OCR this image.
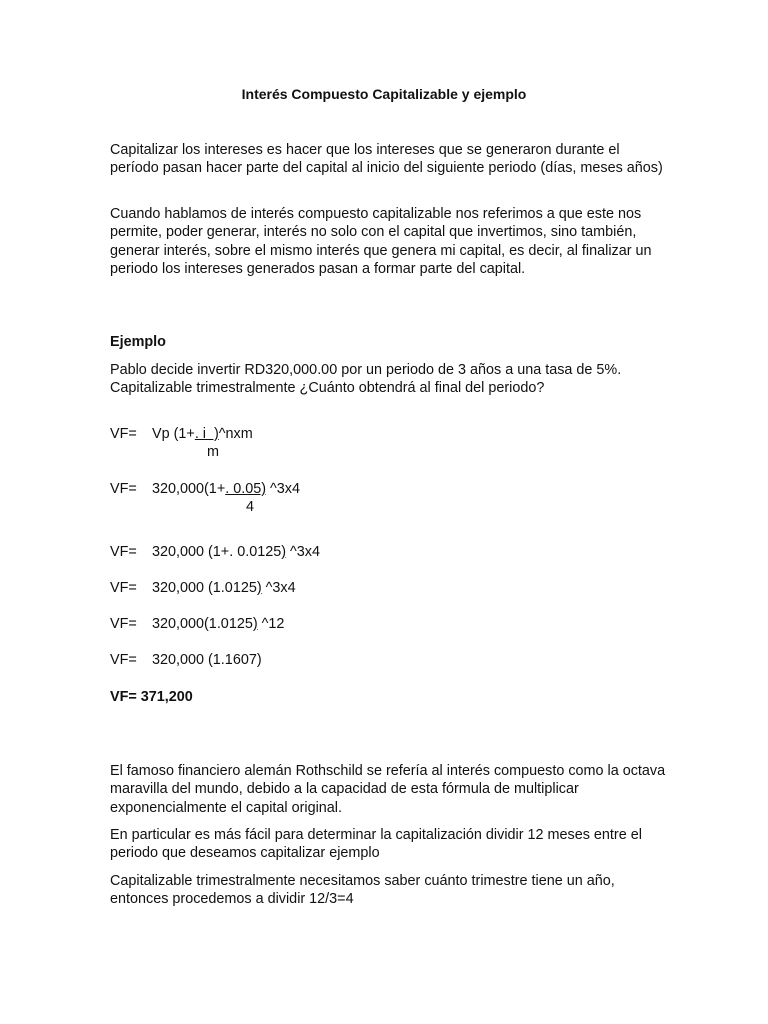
Interés Compuesto Capitalizable y ejemplo

Capitalizar los intereses es hacer que los intereses que se generaron durante el período pasan hacer parte del capital al inicio del siguiente periodo (días, meses años)

Cuando hablamos de interés compuesto capitalizable nos referimos a que este nos permite, poder generar, interés no solo con el capital que invertimos, sino también, generar interés, sobre el mismo interés que genera mi capital, es decir, al finalizar un periodo los intereses generados pasan a formar parte del capital.

Ejemplo

Pablo decide invertir RD320,000.00 por un periodo de 3 años a una tasa de 5%. Capitalizable trimestralmente ¿Cuánto obtendrá al final del periodo?

VF= Vp (1+. i  )^nxm
m
VF= 320,000(1+. 0.05) ^3x4
4
VF= 320,000 (1+. 0.0125) ^3x4
VF= 320,000 (1.0125) ^3x4
VF= 320,000(1.0125) ^12
VF= 320,000 (1.1607)
VF= 371,200

El famoso financiero alemán Rothschild se refería al interés compuesto como la octava maravilla del mundo, debido a la capacidad de esta fórmula de multiplicar exponencialmente el capital original.

En particular es más fácil para determinar la capitalización dividir 12 meses entre el periodo que deseamos capitalizar ejemplo

Capitalizable trimestralmente necesitamos saber cuánto trimestre tiene un año, entonces procedemos a dividir 12/3=4
